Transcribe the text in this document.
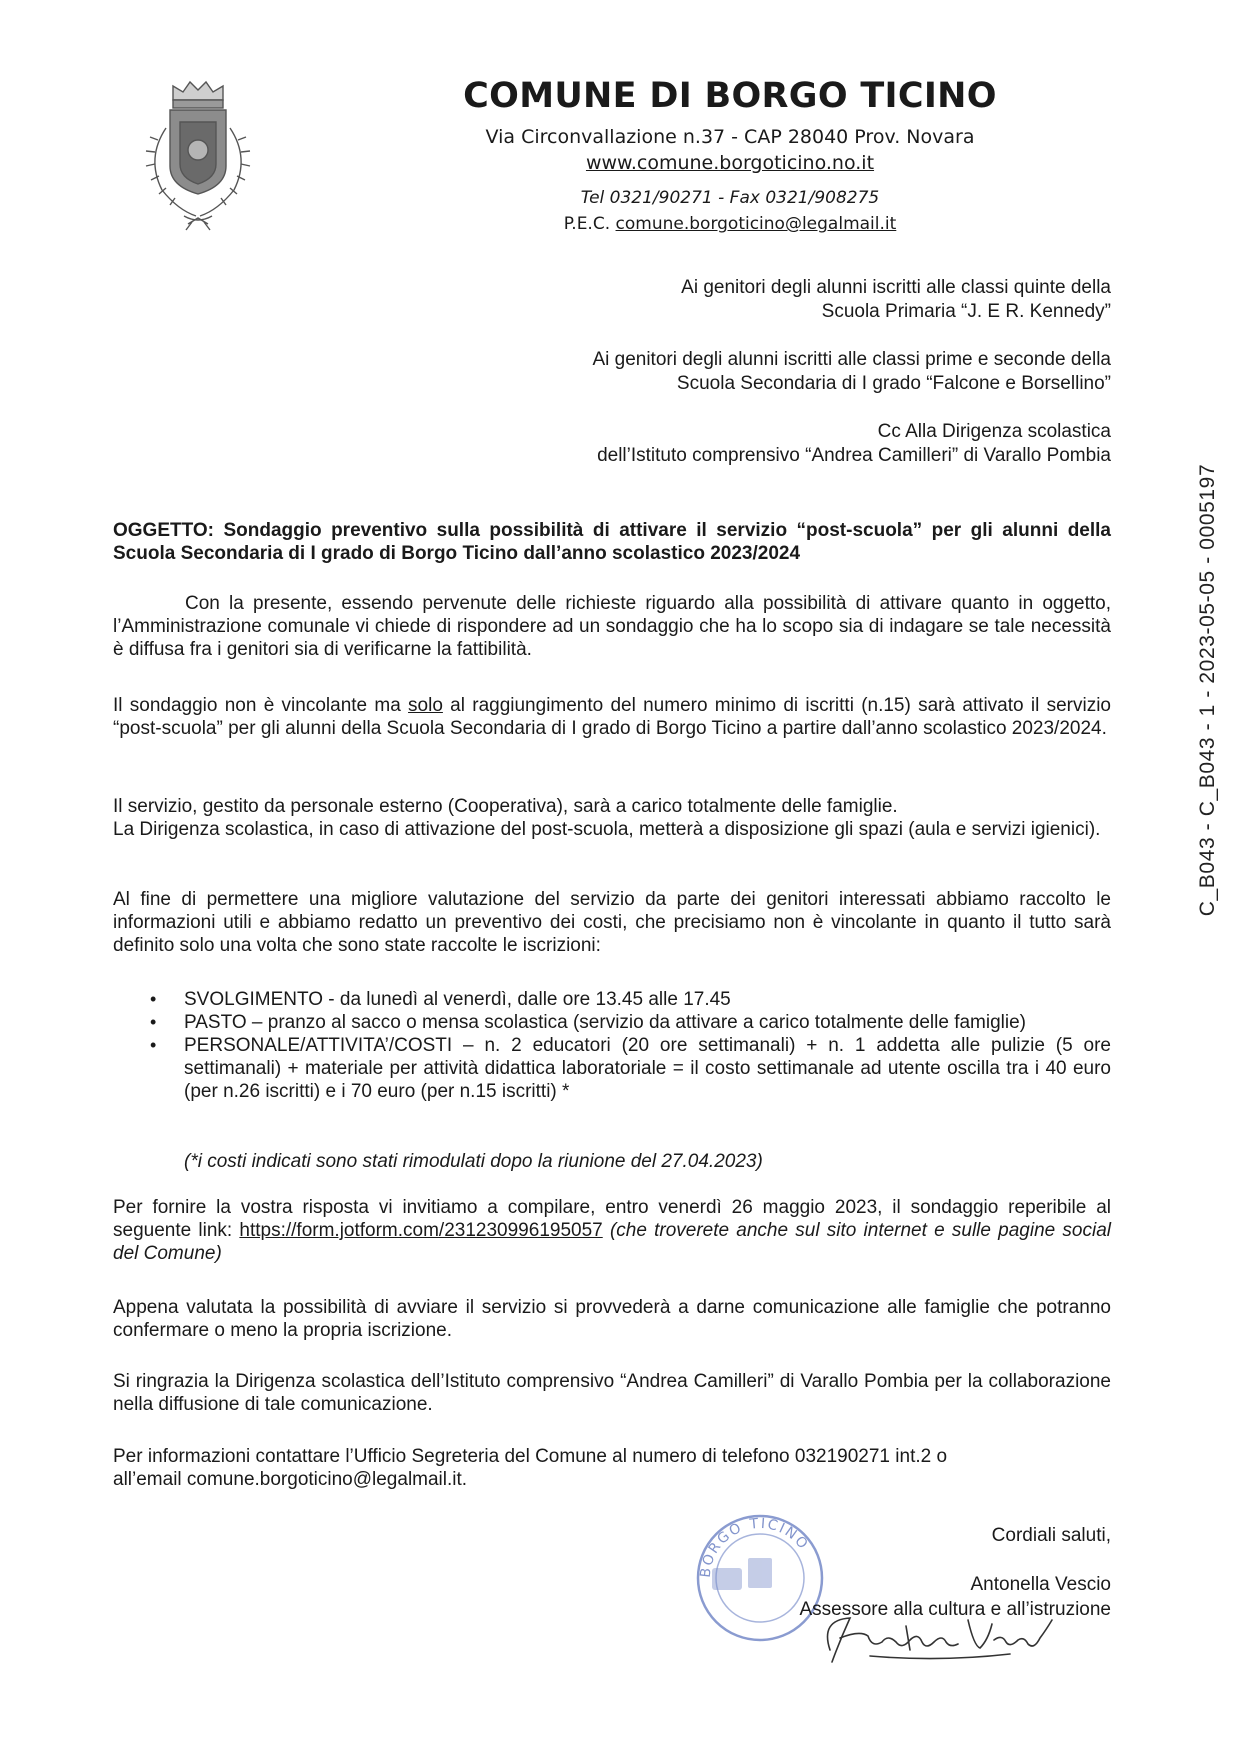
COMUNE DI BORGO TICINO
Via Circonvallazione n.37 - CAP 28040 Prov. Novara
www.comune.borgoticino.no.it
Tel 0321/90271 - Fax 0321/908275
P.E.C. comune.borgoticino@legalmail.it
Ai genitori degli alunni iscritti alle classi quinte della
Scuola Primaria “J. E R. Kennedy”
Ai genitori degli alunni iscritti alle classi prime e seconde della
Scuola Secondaria di I grado “Falcone e Borsellino”
Cc Alla Dirigenza scolastica
dell’Istituto comprensivo “Andrea Camilleri” di Varallo Pombia
C_B043 - C_B043 - 1 - 2023-05-05 - 0005197
OGGETTO: Sondaggio preventivo sulla possibilità di attivare il servizio “post-scuola” per gli alunni della Scuola Secondaria di I grado di Borgo Ticino dall’anno scolastico 2023/2024

Con la presente, essendo pervenute delle richieste riguardo alla possibilità di attivare quanto in oggetto, l’Amministrazione comunale vi chiede di rispondere ad un sondaggio che ha lo scopo sia di indagare se tale necessità è diffusa fra i genitori sia di verificarne la fattibilità.

Il sondaggio non è vincolante ma solo al raggiungimento del numero minimo di iscritti (n.15) sarà attivato il servizio “post-scuola” per gli alunni della Scuola Secondaria di I grado di Borgo Ticino a partire dall’anno scolastico 2023/2024.

Il servizio, gestito da personale esterno (Cooperativa), sarà a carico totalmente delle famiglie.
La Dirigenza scolastica, in caso di attivazione del post-scuola, metterà a disposizione gli spazi (aula e servizi igienici).

Al fine di permettere una migliore valutazione del servizio da parte dei genitori interessati abbiamo raccolto le informazioni utili e abbiamo redatto un preventivo dei costi, che precisiamo non è vincolante in quanto il tutto sarà definito solo una volta che sono state raccolte le iscrizioni:

• SVOLGIMENTO - da lunedì al venerdì, dalle ore 13.45 alle 17.45
• PASTO – pranzo al sacco o mensa scolastica (servizio da attivare a carico totalmente delle famiglie)
• PERSONALE/ATTIVITA’/COSTI – n. 2 educatori (20 ore settimanali) + n. 1 addetta alle pulizie (5 ore settimanali) + materiale per attività didattica laboratoriale = il costo settimanale ad utente oscilla tra i 40 euro (per n.26 iscritti) e i 70 euro (per n.15 iscritti) *
(*i costi indicati sono stati rimodulati dopo la riunione del 27.04.2023)

Per fornire la vostra risposta vi invitiamo a compilare, entro venerdì 26 maggio 2023, il sondaggio reperibile al seguente link: https://form.jotform.com/231230996195057 (che troverete anche sul sito internet e sulle pagine social del Comune)

Appena valutata la possibilità di avviare il servizio si provvederà a darne comunicazione alle famiglie che potranno confermare o meno la propria iscrizione.

Si ringrazia la Dirigenza scolastica dell’Istituto comprensivo “Andrea Camilleri” di Varallo Pombia per la collaborazione nella diffusione di tale comunicazione.

Per informazioni contattare l’Ufficio Segreteria del Comune al numero di telefono 032190271 int.2 o
all’email comune.borgoticino@legalmail.it.
BORGO TICINO	Cordiali saluti,
Antonella Vescio
Assessore alla cultura e all’istruzione
